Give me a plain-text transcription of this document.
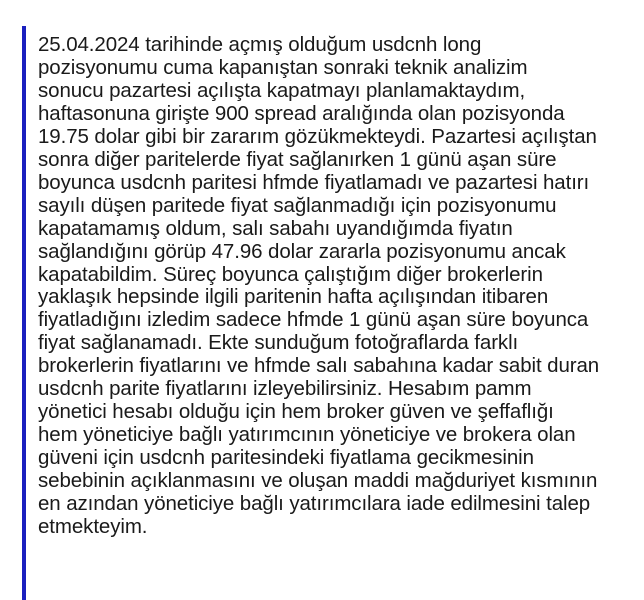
25.04.2024 tarihinde açmış olduğum usdcnh long
pozisyonumu cuma kapanıştan sonraki teknik analizim
sonucu pazartesi açılışta kapatmayı planlamaktaydım,
haftasonuna girişte 900 spread aralığında olan pozisyonda
19.75 dolar gibi bir zararım gözükmekteydi. Pazartesi açılıştan
sonra diğer paritelerde fiyat sağlanırken 1 günü aşan süre
boyunca usdcnh paritesi hfmde fiyatlamadı ve pazartesi hatırı
sayılı düşen paritede fiyat sağlanmadığı için pozisyonumu
kapatamamış oldum, salı sabahı uyandığımda fiyatın
sağlandığını görüp 47.96 dolar zararla pozisyonumu ancak
kapatabildim. Süreç boyunca çalıştığım diğer brokerlerin
yaklaşık hepsinde ilgili paritenin hafta açılışından itibaren
fiyatladığını izledim sadece hfmde 1 günü aşan süre boyunca
fiyat sağlanamadı. Ekte sunduğum fotoğraflarda farklı
brokerlerin fiyatlarını ve hfmde salı sabahına kadar sabit duran
usdcnh parite fiyatlarını izleyebilirsiniz. Hesabım pamm
yönetici hesabı olduğu için hem broker güven ve şeffaflığı
hem yöneticiye bağlı yatırımcının yöneticiye ve brokera olan
güveni için usdcnh paritesindeki fiyatlama gecikmesinin
sebebinin açıklanmasını ve oluşan maddi mağduriyet kısmının
en azından yöneticiye bağlı yatırımcılara iade edilmesini talep
etmekteyim.
